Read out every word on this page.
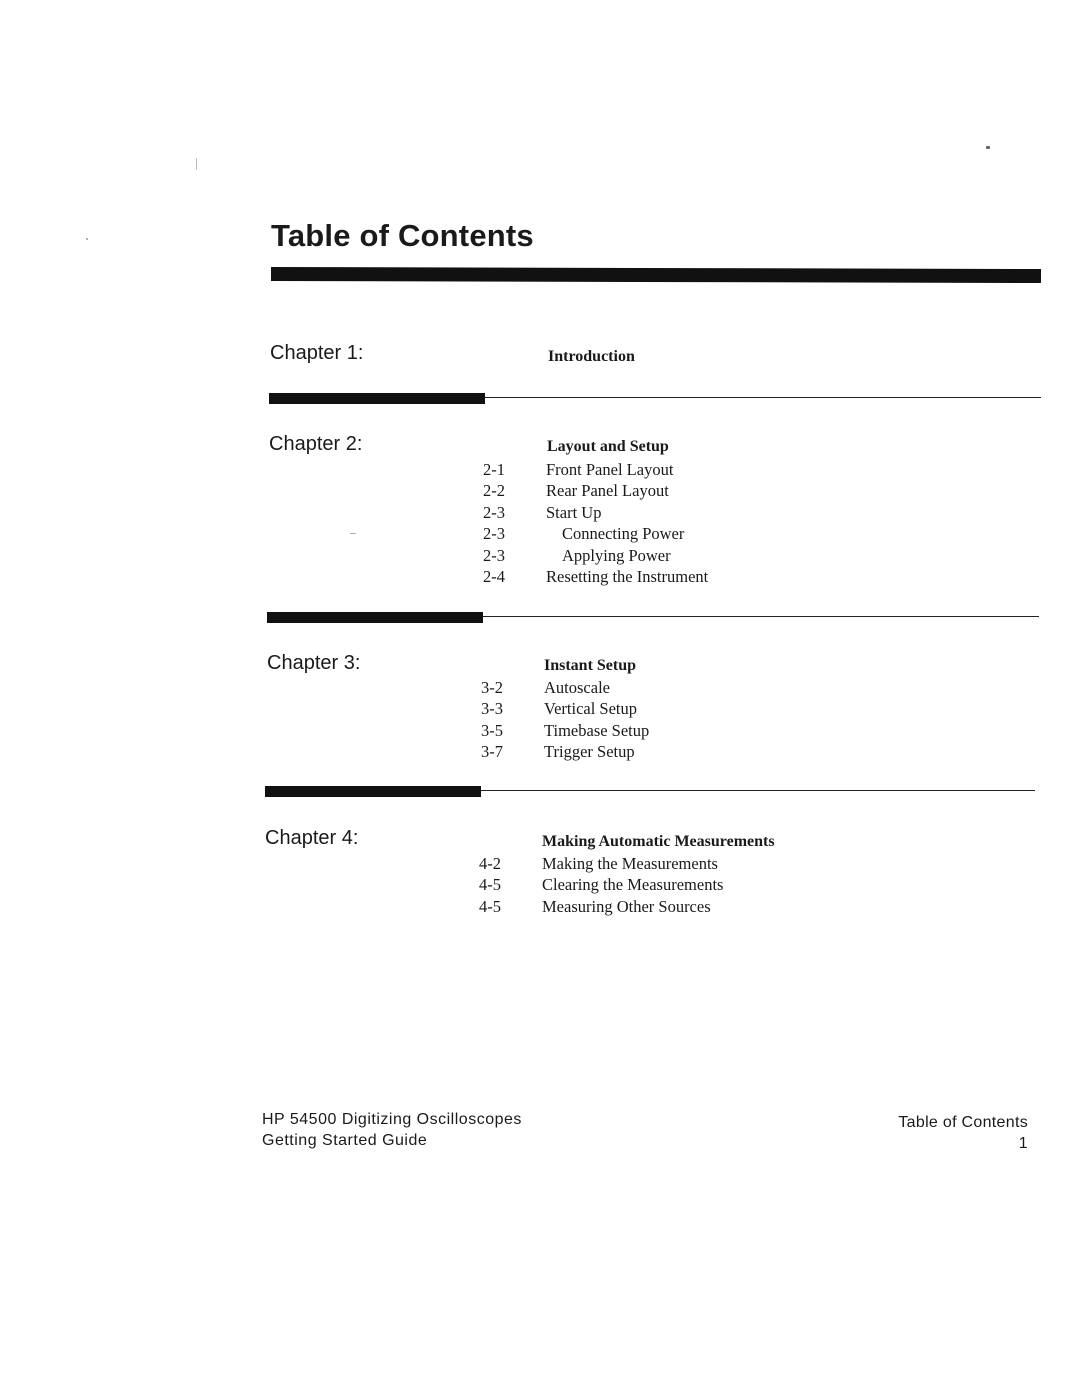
Table of Contents
Chapter 1:	Introduction
Chapter 2:	Layout and Setup
2-1	Front Panel Layout
2-2	Rear Panel Layout
2-3	Start Up
2-3	Connecting Power
2-3	Applying Power
2-4	Resetting the Instrument
Chapter 3:	Instant Setup
3-2	Autoscale
3-3	Vertical Setup
3-5	Timebase Setup
3-7	Trigger Setup
Chapter 4:	Making Automatic Measurements
4-2	Making the Measurements
4-5	Clearing the Measurements
4-5	Measuring Other Sources
HP 54500 Digitizing Oscilloscopes
Getting Started Guide
Table of Contents
1
